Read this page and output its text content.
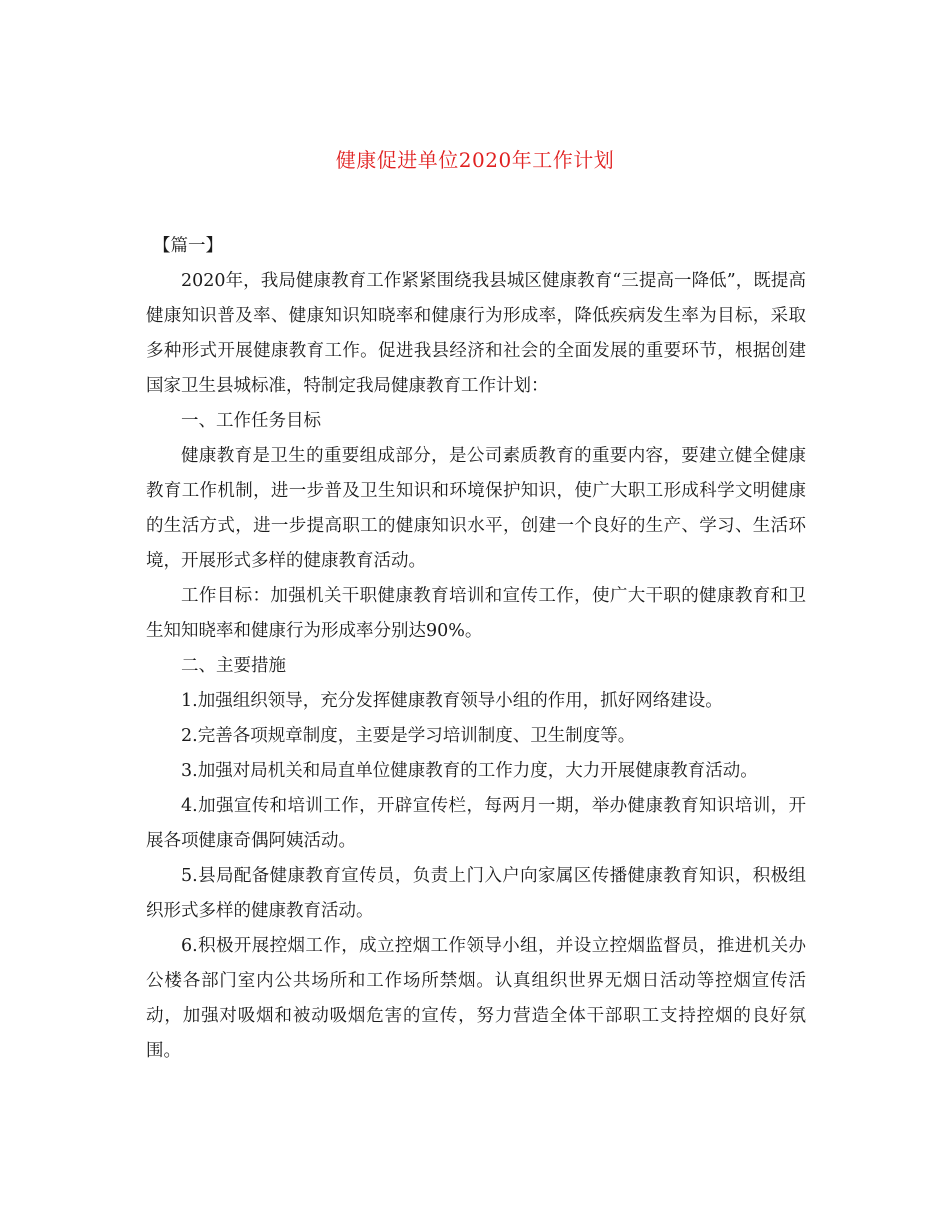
健康促进单位2020年工作计划

【篇一】

2020年，我局健康教育工作紧紧围绕我县城区健康教育“三提高一降低”，既提高健康知识普及率、健康知识知晓率和健康行为形成率，降低疾病发生率为目标，采取多种形式开展健康教育工作。促进我县经济和社会的全面发展的重要环节，根据创建国家卫生县城标准，特制定我局健康教育工作计划：

一、工作任务目标

健康教育是卫生的重要组成部分，是公司素质教育的重要内容，要建立健全健康教育工作机制，进一步普及卫生知识和环境保护知识，使广大职工形成科学文明健康的生活方式，进一步提高职工的健康知识水平，创建一个良好的生产、学习、生活环境，开展形式多样的健康教育活动。

工作目标：加强机关干职健康教育培训和宣传工作，使广大干职的健康教育和卫生知知晓率和健康行为形成率分别达90%。

二、主要措施

1.加强组织领导，充分发挥健康教育领导小组的作用，抓好网络建设。

2.完善各项规章制度，主要是学习培训制度、卫生制度等。

3.加强对局机关和局直单位健康教育的工作力度，大力开展健康教育活动。

4.加强宣传和培训工作，开辟宣传栏，每两月一期，举办健康教育知识培训，开展各项健康奇偶阿姨活动。

5.县局配备健康教育宣传员，负责上门入户向家属区传播健康教育知识，积极组织形式多样的健康教育活动。

6.积极开展控烟工作，成立控烟工作领导小组，并设立控烟监督员，推进机关办公楼各部门室内公共场所和工作场所禁烟。认真组织世界无烟日活动等控烟宣传活动，加强对吸烟和被动吸烟危害的宣传，努力营造全体干部职工支持控烟的良好氛围。
